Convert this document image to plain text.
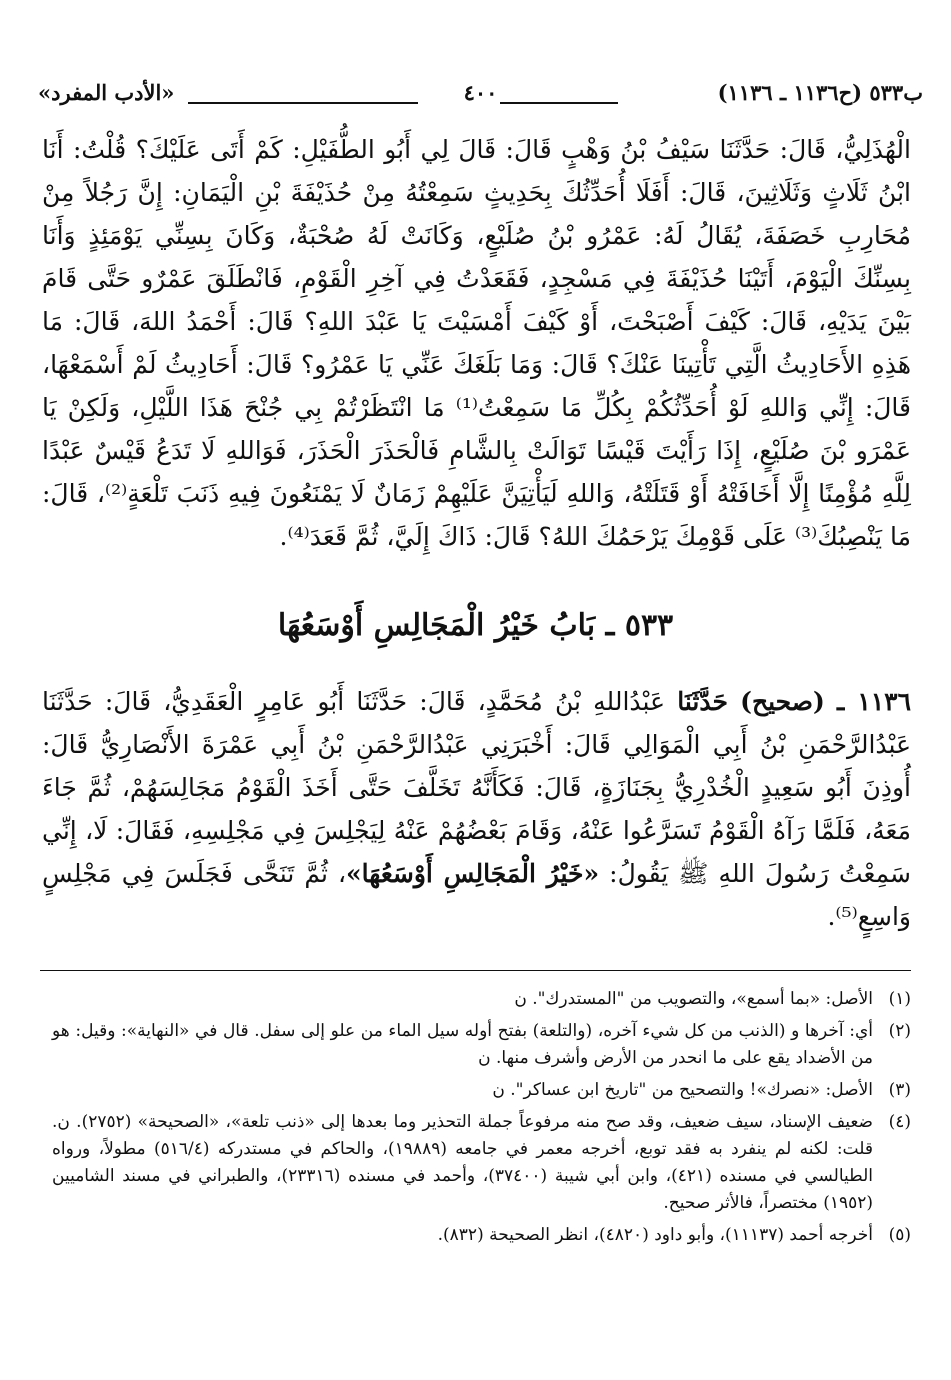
ب٥٣٣ (ح١١٣٦ ـ ١١٣٦)
٤٠٠
«الأدب المفرد»
الْهُذَلِيُّ، قَالَ: حَدَّثَنَا سَيْفُ بْنُ وَهْبٍ قَالَ: قَالَ لِي أَبُو الطُّفَيْلِ: كَمْ أَتَى عَلَيْكَ؟ قُلْتُ: أَنَا ابْنُ ثَلَاثٍ وَثَلَاثِينَ، قَالَ: أَفَلَا أُحَدِّثُكَ بِحَدِيثٍ سَمِعْتُهُ مِنْ حُذَيْفَةَ بْنِ الْيَمَانِ: إِنَّ رَجُلاً مِنْ مُحَارِبِ خَصَفَةَ، يُقَالُ لَهُ: عَمْرُو بْنُ صُلَيْعٍ، وَكَانَتْ لَهُ صُحْبَةٌ، وَكَانَ بِسِنِّي يَوْمَئِذٍ وَأَنَا بِسِنِّكَ الْيَوْمَ، أَتَيْنَا حُذَيْفَةَ فِي مَسْجِدٍ، فَقَعَدْتُ فِي آخِرِ الْقَوْمِ، فَانْطَلَقَ عَمْرٌو حَتَّى قَامَ بَيْنَ يَدَيْهِ، قَالَ: كَيْفَ أَصْبَحْتَ، أَوْ كَيْفَ أَمْسَيْتَ يَا عَبْدَ اللهِ؟ قَالَ: أَحْمَدُ اللهَ، قَالَ: مَا هَذِهِ الأَحَادِيثُ الَّتِي تَأْتِينَا عَنْكَ؟ قَالَ: وَمَا بَلَغَكَ عَنِّي يَا عَمْرُو؟ قَالَ: أَحَادِيثُ لَمْ أَسْمَعْهَا، قَالَ: إِنِّي وَاللهِ لَوْ أُحَدِّثُكُمْ بِكُلِّ مَا سَمِعْتُ⁽¹⁾ مَا انْتَظَرْتُمْ بِي جُنْحَ هَذَا اللَّيْلِ، وَلَكِنْ يَا عَمْرَو بْنَ صُلَيْعٍ، إِذَا رَأَيْتَ قَيْسًا تَوَالَتْ بِالشَّامِ فَالْحَذَرَ الْحَذَرَ، فَوَاللهِ لَا تَدَعُ قَيْسٌ عَبْدًا لِلَّهِ مُؤْمِنًا إِلَّا أَخَافَتْهُ أَوْ قَتَلَتْهُ، وَاللهِ لَيَأْتِيَنَّ عَلَيْهِمْ زَمَانٌ لَا يَمْنَعُونَ فِيهِ ذَنَبَ تَلْعَةٍ⁽²⁾، قَالَ: مَا يَنْصِبُكَ⁽³⁾ عَلَى قَوْمِكَ يَرْحَمُكَ اللهُ؟ قَالَ: ذَاكَ إِلَيَّ، ثُمَّ قَعَدَ⁽⁴⁾.
٥٣٣ ـ بَابُ خَيْرُ الْمَجَالِسِ أَوْسَعُهَا
١١٣٦ ـ (صحيح) حَدَّثَنَا عَبْدُاللهِ بْنُ مُحَمَّدٍ، قَالَ: حَدَّثَنَا أَبُو عَامِرٍ الْعَقَدِيُّ، قَالَ: حَدَّثَنَا عَبْدُالرَّحْمَنِ بْنُ أَبِي الْمَوَالِي قَالَ: أَخْبَرَنِي عَبْدُالرَّحْمَنِ بْنُ أَبِي عَمْرَةَ الأَنْصَارِيُّ قَالَ: أُوذِنَ أَبُو سَعِيدٍ الْخُدْرِيُّ بِجَنَازَةٍ، قَالَ: فَكَأَنَّهُ تَخَلَّفَ حَتَّى أَخَذَ الْقَوْمُ مَجَالِسَهُمْ، ثُمَّ جَاءَ مَعَهُ، فَلَمَّا رَآهُ الْقَوْمُ تَسَرَّعُوا عَنْهُ، وَقَامَ بَعْضُهُمْ عَنْهُ لِيَجْلِسَ فِي مَجْلِسِهِ، فَقَالَ: لَا، إِنِّي سَمِعْتُ رَسُولَ اللهِ ﷺ يَقُولُ: «خَيْرُ الْمَجَالِسِ أَوْسَعُهَا»، ثُمَّ تَنَحَّى فَجَلَسَ فِي مَجْلِسٍ وَاسِعٍ⁽⁵⁾.
(١)
الأصل: «بما أسمع»، والتصويب من "المستدرك". ن
(٢)
أي: آخرها و (الذنب من كل شيء آخره، (والتلعة) بفتح أوله سيل الماء من علو إلى سفل. قال في «النهاية»: وقيل: هو من الأضداد يقع على ما انحدر من الأرض وأشرف منها. ن
(٣)
الأصل: «نصرك»! والتصحيح من "تاريخ ابن عساكر". ن
(٤)
ضعيف الإسناد، سيف ضعيف، وقد صح منه مرفوعاً جملة التحذير وما بعدها إلى «ذنب تلعة»، «الصحيحة» (٢٧٥٢). ن. قلت: لكنه لم ينفرد به فقد توبع، أخرجه معمر في جامعه (١٩٨٨٩)، والحاكم في مستدركه (٥١٦/٤) مطولاً، ورواه الطيالسي في مسنده (٤٢١)، وابن أبي شيبة (٣٧٤٠٠)، وأحمد في مسنده (٢٣٣١٦)، والطبراني في مسند الشاميين (١٩٥٢) مختصراً، فالأثر صحيح.
(٥)
أخرجه أحمد (١١١٣٧)، وأبو داود (٤٨٢٠)، انظر الصحيحة (٨٣٢).
